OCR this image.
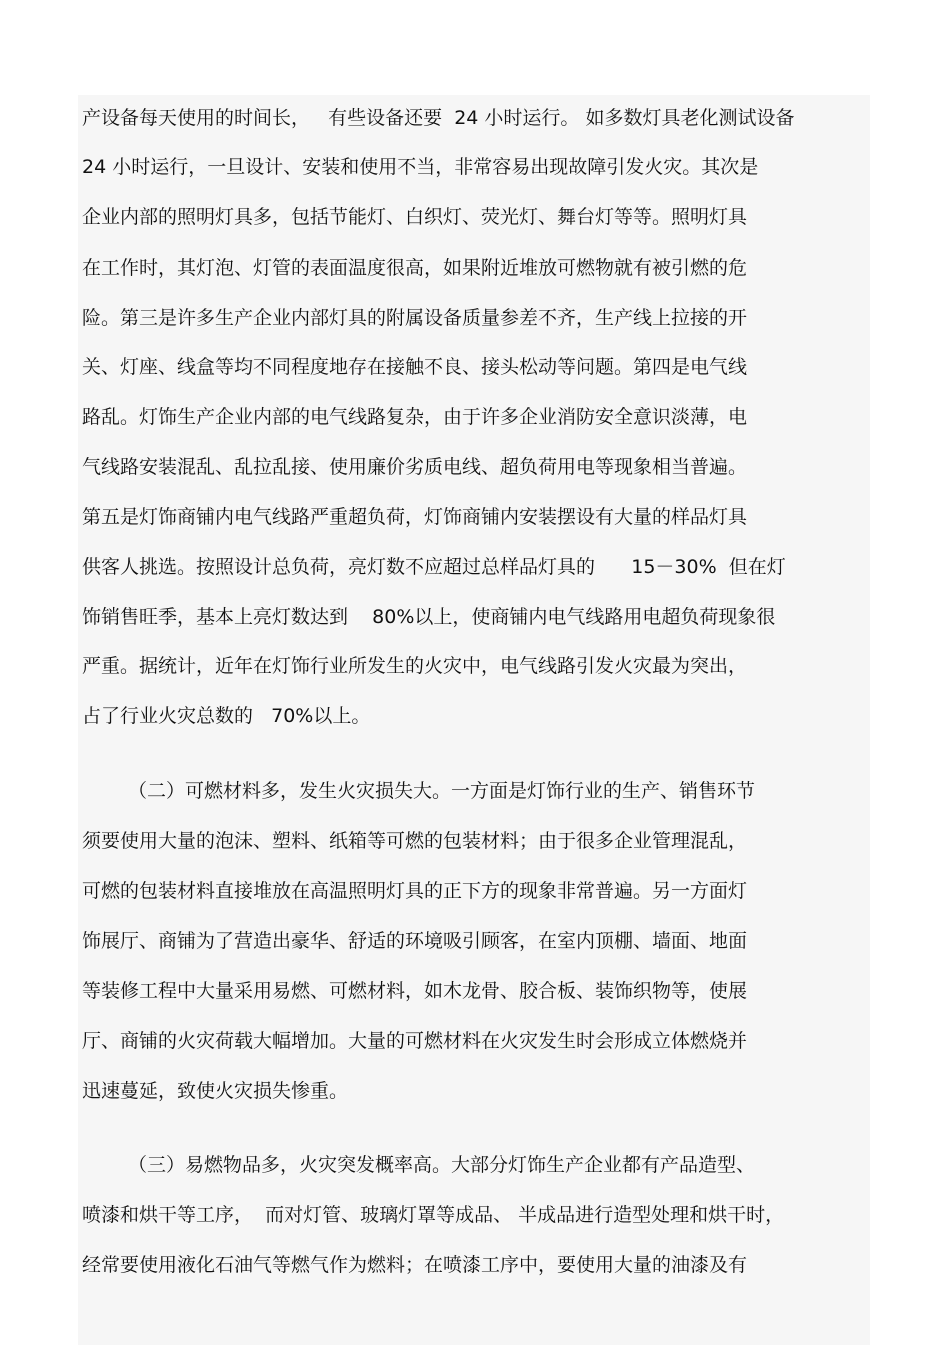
产设备每天使用的时间长，   有些设备还要  24 小时运行。 如多数灯具老化测试设备
24 小时运行，一旦设计、安装和使用不当，非常容易出现故障引发火灾。其次是
企业内部的照明灯具多，包括节能灯、白织灯、荧光灯、舞台灯等等。照明灯具
在工作时，其灯泡、灯管的表面温度很高，如果附近堆放可燃物就有被引燃的危
险。第三是许多生产企业内部灯具的附属设备质量参差不齐，生产线上拉接的开
关、灯座、线盒等均不同程度地存在接触不良、接头松动等问题。第四是电气线
路乱。灯饰生产企业内部的电气线路复杂，由于许多企业消防安全意识淡薄，电
气线路安装混乱、乱拉乱接、使用廉价劣质电线、超负荷用电等现象相当普遍。
第五是灯饰商铺内电气线路严重超负荷，灯饰商铺内安装摆设有大量的样品灯具
供客人挑选。按照设计总负荷，亮灯数不应超过总样品灯具的      15－30%  但在灯
饰销售旺季，基本上亮灯数达到    80%以上，使商铺内电气线路用电超负荷现象很
严重。据统计，近年在灯饰行业所发生的火灾中，电气线路引发火灾最为突出，
占了行业火灾总数的   70%以上。
（二）可燃材料多，发生火灾损失大。一方面是灯饰行业的生产、销售环节
须要使用大量的泡沫、塑料、纸箱等可燃的包装材料；由于很多企业管理混乱，
可燃的包装材料直接堆放在高温照明灯具的正下方的现象非常普遍。另一方面灯
饰展厅、商铺为了营造出豪华、舒适的环境吸引顾客，在室内顶棚、墙面、地面
等装修工程中大量采用易燃、可燃材料，如木龙骨、胶合板、装饰织物等，使展
厅、商铺的火灾荷载大幅增加。大量的可燃材料在火灾发生时会形成立体燃烧并
迅速蔓延，致使火灾损失惨重。
（三）易燃物品多，火灾突发概率高。大部分灯饰生产企业都有产品造型、
喷漆和烘干等工序，  而对灯管、玻璃灯罩等成品、 半成品进行造型处理和烘干时，
经常要使用液化石油气等燃气作为燃料；在喷漆工序中，要使用大量的油漆及有
